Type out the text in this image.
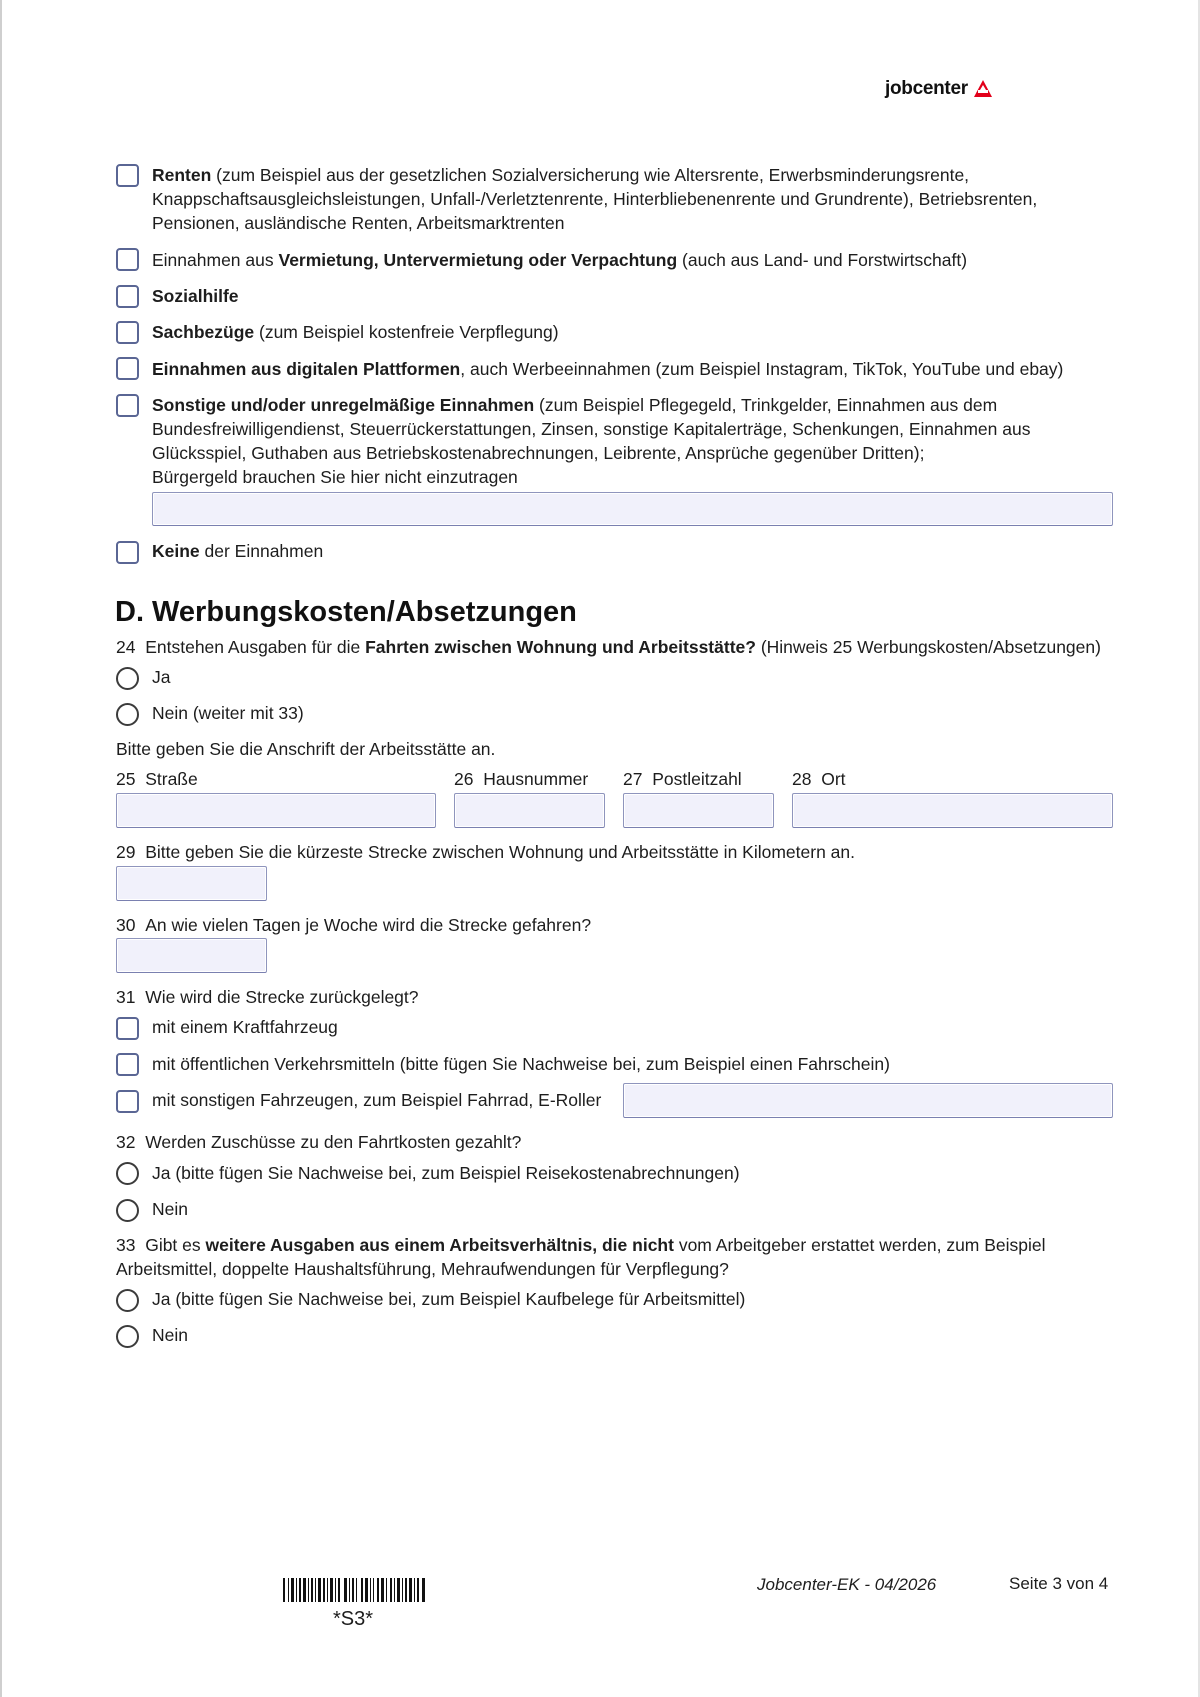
jobcenter
Renten (zum Beispiel aus der gesetzlichen Sozialversicherung wie Altersrente, Erwerbsminderungsrente,
Knappschaftsausgleichsleistungen, Unfall-/Verletztenrente, Hinterbliebenenrente und Grundrente), Betriebsrenten,
Pensionen, ausländische Renten, Arbeitsmarktrenten
Einnahmen aus Vermietung, Untervermietung oder Verpachtung (auch aus Land- und Forstwirtschaft)
Sozialhilfe
Sachbezüge (zum Beispiel kostenfreie Verpflegung)
Einnahmen aus digitalen Plattformen, auch Werbeeinnahmen (zum Beispiel Instagram, TikTok, YouTube und ebay)
Sonstige und/oder unregelmäßige Einnahmen (zum Beispiel Pflegegeld, Trinkgelder, Einnahmen aus dem
Bundesfreiwilligendienst, Steuerrückerstattungen, Zinsen, sonstige Kapitalerträge, Schenkungen, Einnahmen aus
Glücksspiel, Guthaben aus Betriebskostenabrechnungen, Leibrente, Ansprüche gegenüber Dritten);
Bürgergeld brauchen Sie hier nicht einzutragen
Keine der Einnahmen
D. Werbungskosten/Absetzungen
24 Entstehen Ausgaben für die Fahrten zwischen Wohnung und Arbeitsstätte? (Hinweis 25 Werbungskosten/Absetzungen)
Ja
Nein (weiter mit 33)
Bitte geben Sie die Anschrift der Arbeitsstätte an.
25 Straße	26 Hausnummer 27 Postleitzahl	28 Ort
29 Bitte geben Sie die kürzeste Strecke zwischen Wohnung und Arbeitsstätte in Kilometern an.
30 An wie vielen Tagen je Woche wird die Strecke gefahren?
31 Wie wird die Strecke zurückgelegt?
mit einem Kraftfahrzeug
mit öffentlichen Verkehrsmitteln (bitte fügen Sie Nachweise bei, zum Beispiel einen Fahrschein)
mit sonstigen Fahrzeugen, zum Beispiel Fahrrad, E-Roller
32 Werden Zuschüsse zu den Fahrtkosten gezahlt?
Ja (bitte fügen Sie Nachweise bei, zum Beispiel Reisekostenabrechnungen)
Nein
33 Gibt es weitere Ausgaben aus einem Arbeitsverhältnis, die nicht vom Arbeitgeber erstattet werden, zum Beispiel
Arbeitsmittel, doppelte Haushaltsführung, Mehraufwendungen für Verpflegung?
Ja (bitte fügen Sie Nachweise bei, zum Beispiel Kaufbelege für Arbeitsmittel)
Nein
*S3*
Jobcenter-EK - 04/2026	Seite 3 von 4
